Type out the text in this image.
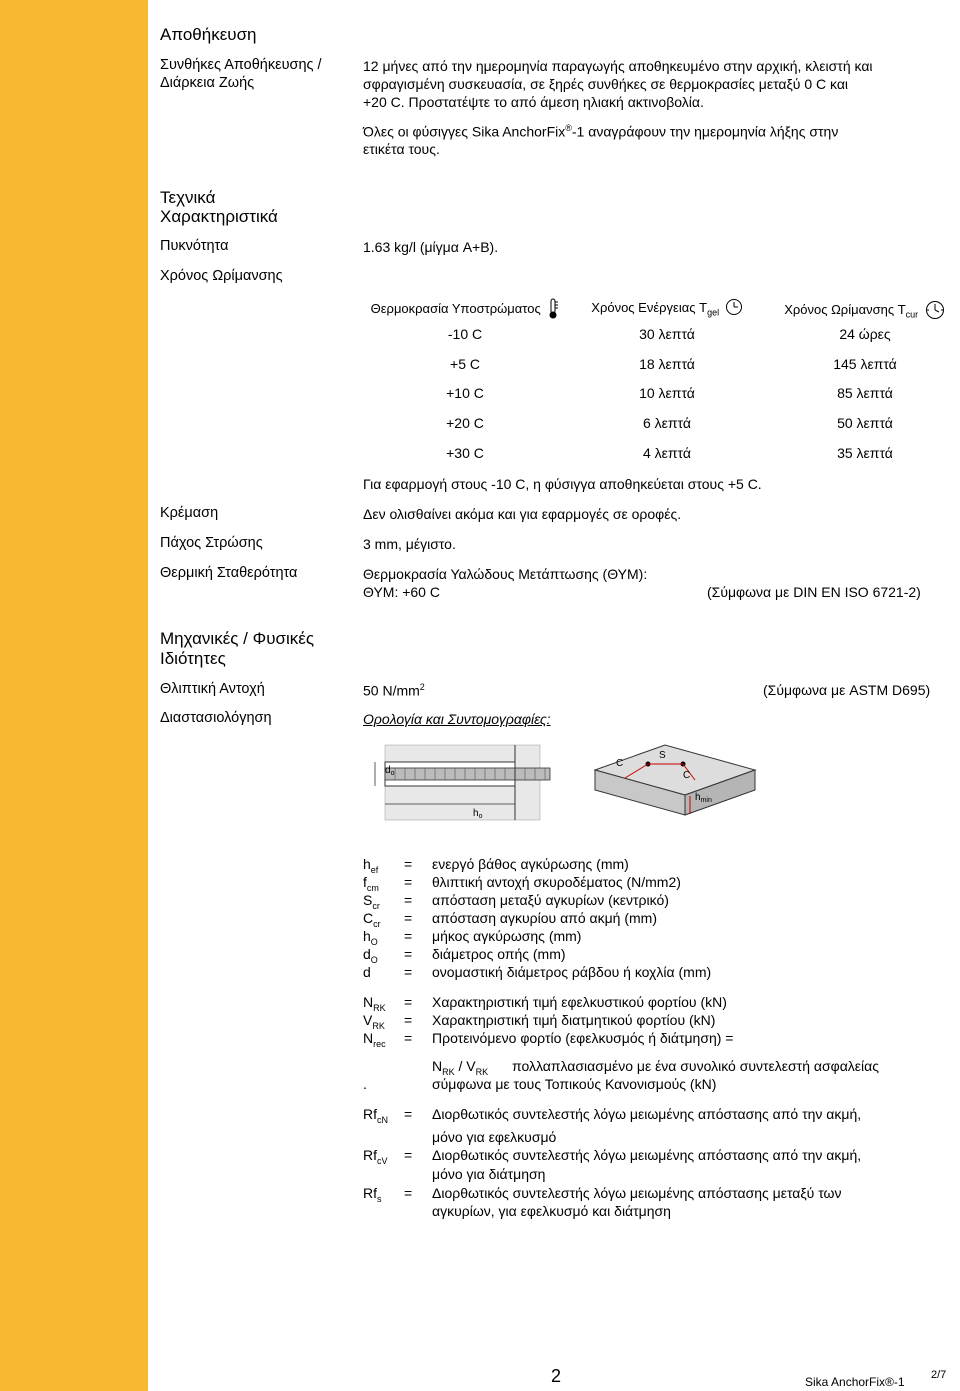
Αποθήκευση
Συνθήκες Αποθήκευσης /
Διάρκεια Ζωής
12 μήνες από την ημερομηνία παραγωγής αποθηκευμένο στην αρχική, κλειστή και
σφραγισμένη συσκευασία, σε ξηρές συνθήκες σε θερμοκρασίες μεταξύ 0 C και
+20 C. Προστατέψτε το από άμεση ηλιακή ακτινοβολία.
Όλες οι φύσιγγες Sika AnchorFix®-1 αναγράφουν την ημερομηνία λήξης στην
ετικέτα τους.
Τεχνικά
Χαρακτηριστικά
Πυκνότητα	1.63 kg/l (μίγμα A+B).
Χρόνος Ωρίμανσης
Θερμοκρασία Υποστρώματος	Χρόνος Ενέργειας $T_{gel}$	Χρόνος Ωρίμανσης $T_{cur}$
-10 C	30 λεπτά	24 ώρες
+5 C	18 λεπτά	145 λεπτά
+10 C	10 λεπτά	85 λεπτά
+20 C	6 λεπτά	50 λεπτά
+30 C	4 λεπτά	35 λεπτά
Για εφαρμογή στους -10 C, η φύσιγγα αποθηκεύεται στους +5 C.
Κρέμαση	Δεν ολισθαίνει ακόμα και για εφαρμογές σε οροφές.
Πάχος Στρώσης	3 mm, μέγιστο.
Θερμική Σταθερότητα	Θερμοκρασία Υαλώδους Μετάπτωσης (ΘΥΜ):
ΘΥΜ: +60 C	(Σύμφωνα με DIN EN ISO 6721-2)
Μηχανικές / Φυσικές
Ιδιότητες
Θλιπτική Αντοχή	50 $N/mm^2$	(Σύμφωνα με ASTM D695)
Διαστασιολόγηση	Ορολογία και Συντομογραφίες:
$d_o$
$h_o$
S
C
C
$h_{min}$
$h_{ef}$	= ενεργό βάθος αγκύρωσης (mm)
$f_{cm}$	= θλιπτική αντοχή σκυροδέματος (N/mm2)
$S_{cr}$	= απόσταση μεταξύ αγκυρίων (κεντρικό)
$C_{cr}$	= απόσταση αγκυρίου από ακμή (mm)
$h_O$	= μήκος αγκύρωσης (mm)
$d_O$	= διάμετρος οπής (mm)
d	= ονομαστική διάμετρος ράβδου ή κοχλία (mm)
$N_{RK}$	= Χαρακτηριστική τιμή εφελκυστικού φορτίου (kN)
$V_{RK}$	= Χαρακτηριστική τιμή διατμητικού φορτίου (kN)
$N_{rec}$	= Προτεινόμενο φορτίο (εφελκυσμός ή διάτμηση) =
.
$N_{RK} / V_{RK}$ πολλαπλασιασμένο με ένα συνολικό συντελεστή ασφαλείας
σύμφωνα με τους Τοπικούς Κανονισμούς (kN)
$Rf_{cN}$	= Διορθωτικός συντελεστής λόγω μειωμένης απόστασης από την ακμή,
μόνο για εφελκυσμό
$Rf_{cV}$	= Διορθωτικός συντελεστής λόγω μειωμένης απόστασης από την ακμή,
μόνο για διάτμηση
$Rf_s$	= Διορθωτικός συντελεστής λόγω μειωμένης απόστασης μεταξύ των
αγκυρίων, για εφελκυσμό και διάτμηση
2	Sika AnchorFix®-1 2/7
